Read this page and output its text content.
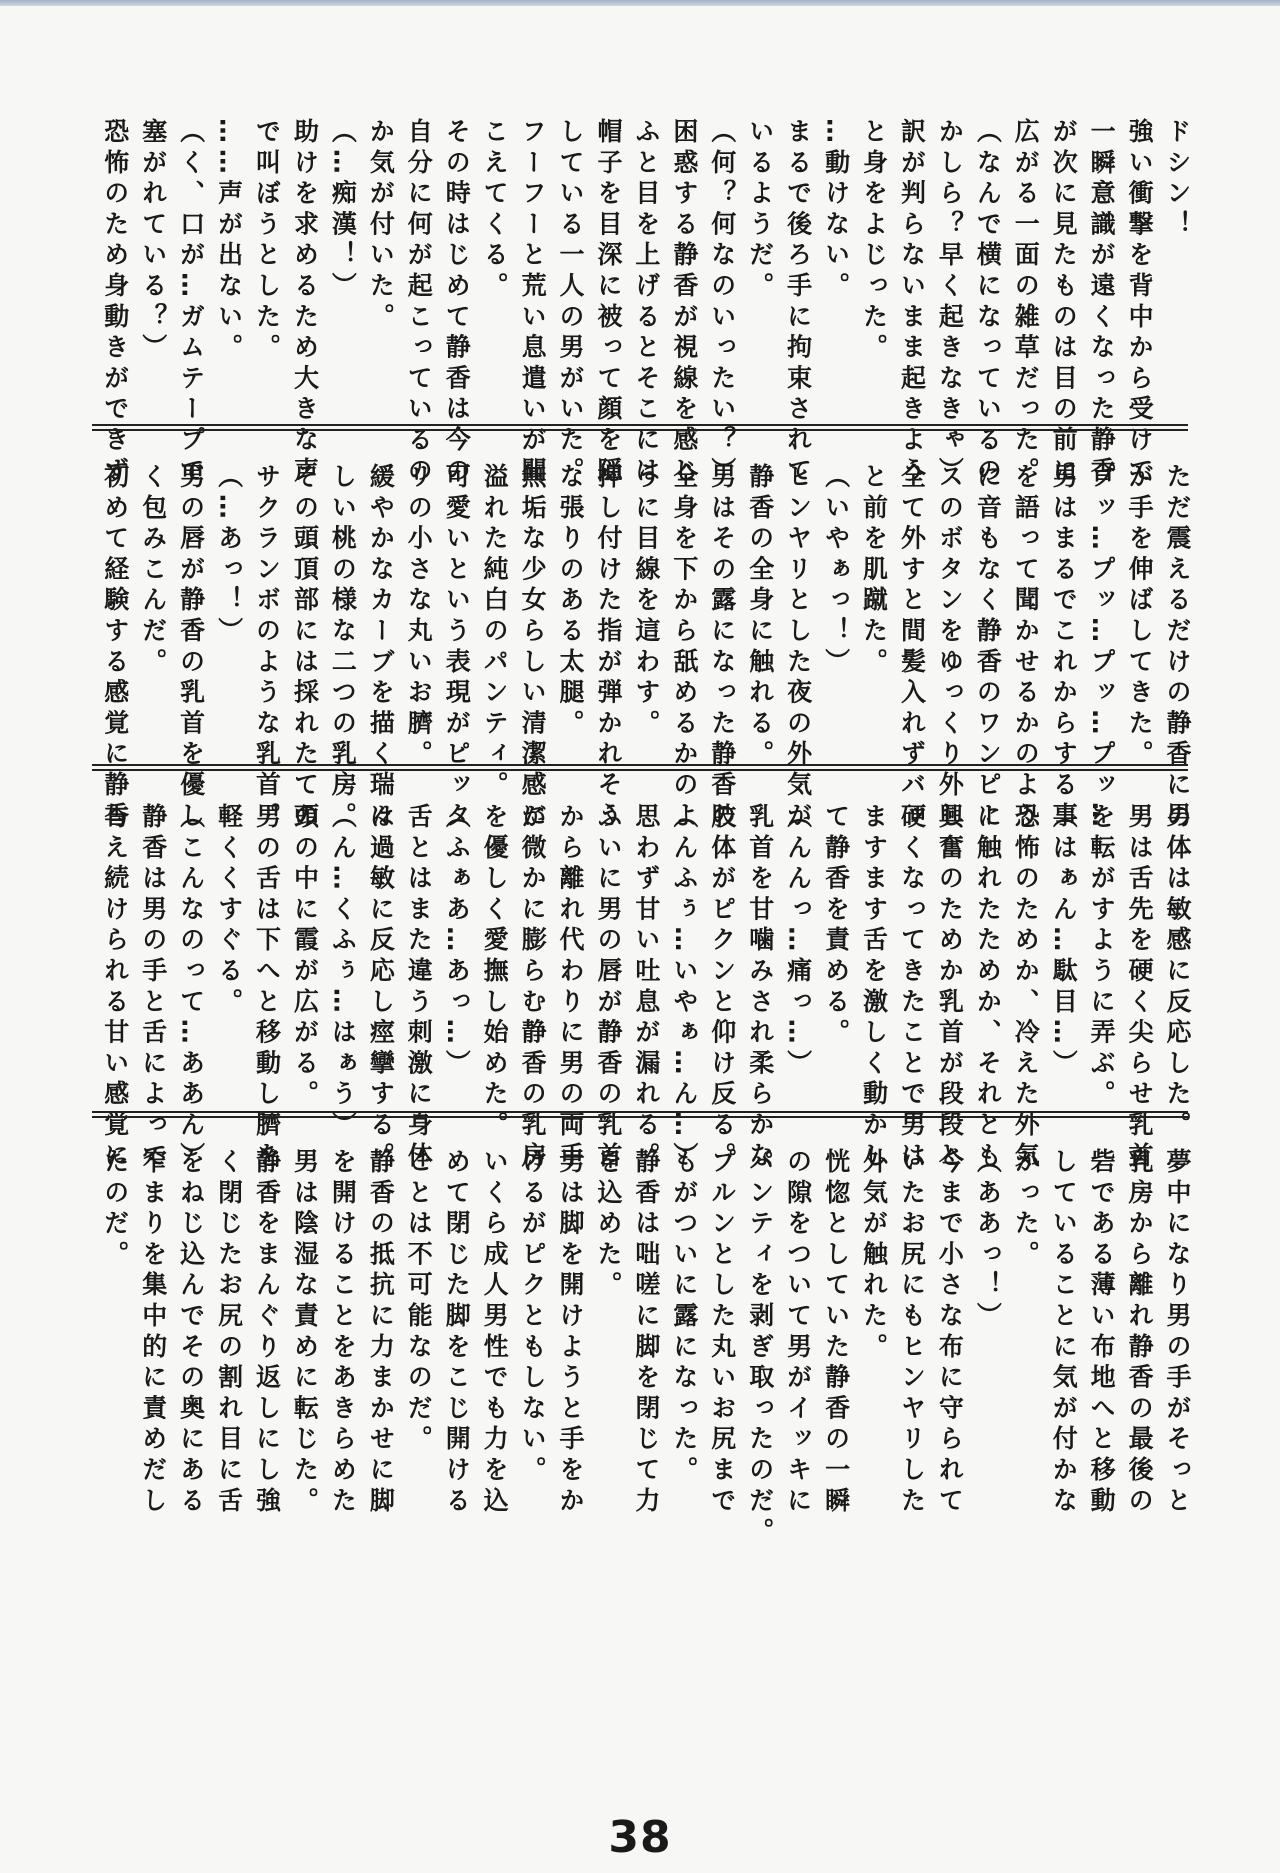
ドシン！
強い衝撃を背中から受けて
一瞬意識が遠くなった静香
が次に見たものは目の前に
広がる一面の雑草だった。
（なんで横になっているの
かしら？早く起きなきゃ）
訳が判らないまま起きよう
と身をよじった。
…動けない。
まるで後ろ手に拘束されて
いるようだ。
（何？何なのいったい？）
困惑する静香が視線を感じ
ふと目を上げるとそこには
帽子を目深に被って顔を隠
している一人の男がいた。
フーフーと荒い息遣いが聞
こえてくる。
その時はじめて静香は今の
自分に何が起こっているの
か気が付いた。
（…痴漢！）
助けを求めるため大きな声
で叫ぼうとした。
……声が出ない。
（く、口が…ガムテープで
塞がれている？）
恐怖のため身動きができず
ただ震えるだけの静香に男
が手を伸ばしてきた。
プッ…プッ…プッ…プッ…
男はまるでこれからする事
を語って聞かせるかのよう
に音もなく静香のワンピー
スのボタンをゆっくり外し
全て外すと間髪入れずバッ
と前を肌蹴た。
（いやぁっ！）
ヒンヤリとした夜の外気が
静香の全身に触れる。
男はその露になった静香の
全身を下から舐めるかのよ
うに目線を這わす。
押し付けた指が弾かれそう
な張りのある太腿。
無垢な少女らしい清潔感に
溢れた純白のパンティ。
可愛いという表現がピッタ
リの小さな丸いお臍。
緩やかなカーブを描く瑞々
しい桃の様な二つの乳房。
その頭頂部には採れたての
サクランボのような乳首。
（…あっ！）
男の唇が静香の乳首を優し
く包みこんだ。
初めて経験する感覚に静香
の体は敏感に反応した。
男は舌先を硬く尖らせ乳首
を転がすように弄ぶ。
（はぁん…駄目…）
恐怖のためか、冷えた外気
に触れたためか、それとも
興奮のためか乳首が段段と
硬くなってきたことで男は
ますます舌を激しく動かし
て静香を責める。
（んんっ…痛っ…）
乳首を甘噛みされ柔らかな
肢体がピクンと仰け反る。
（んふぅ…いやぁ…ん…）
思わず甘い吐息が漏れる。
ふいに男の唇が静香の乳首
から離れ代わりに男の両手
が微かに膨らむ静香の乳房
を優しく愛撫し始めた。
（ふぁあ…あっ…）
舌とはまた違う刺激に身体
は過敏に反応し痙攣する。
（ん…くふぅ…はぁう）
頭の中に霞が広がる。
男の舌は下へと移動し臍を
軽くくすぐる。
（こんなのって…ああん）
静香は男の手と舌によって
与え続けられる甘い感覚に
夢中になり男の手がそっと
乳房から離れ静香の最後の
砦である薄い布地へと移動
していることに気が付かな
かった。
（ああっ！）
今まで小さな布に守られて
いたお尻にもヒンヤリした
外気が触れた。
恍惚としていた静香の一瞬
の隙をついて男がイッキに
パンティを剥ぎ取ったのだ。
プルンとした丸いお尻まで
もがついに露になった。
静香は咄嗟に脚を閉じて力
を込めた。
男は脚を開けようと手をか
けるがピクともしない。
いくら成人男性でも力を込
めて閉じた脚をこじ開ける
ことは不可能なのだ。
静香の抵抗に力まかせに脚
を開けることをあきらめた
男は陰湿な責めに転じた。
静香をまんぐり返しにし強
く閉じたお尻の割れ目に舌
をねじ込んでその奥にある
窄まりを集中的に責めだし
たのだ。
38
